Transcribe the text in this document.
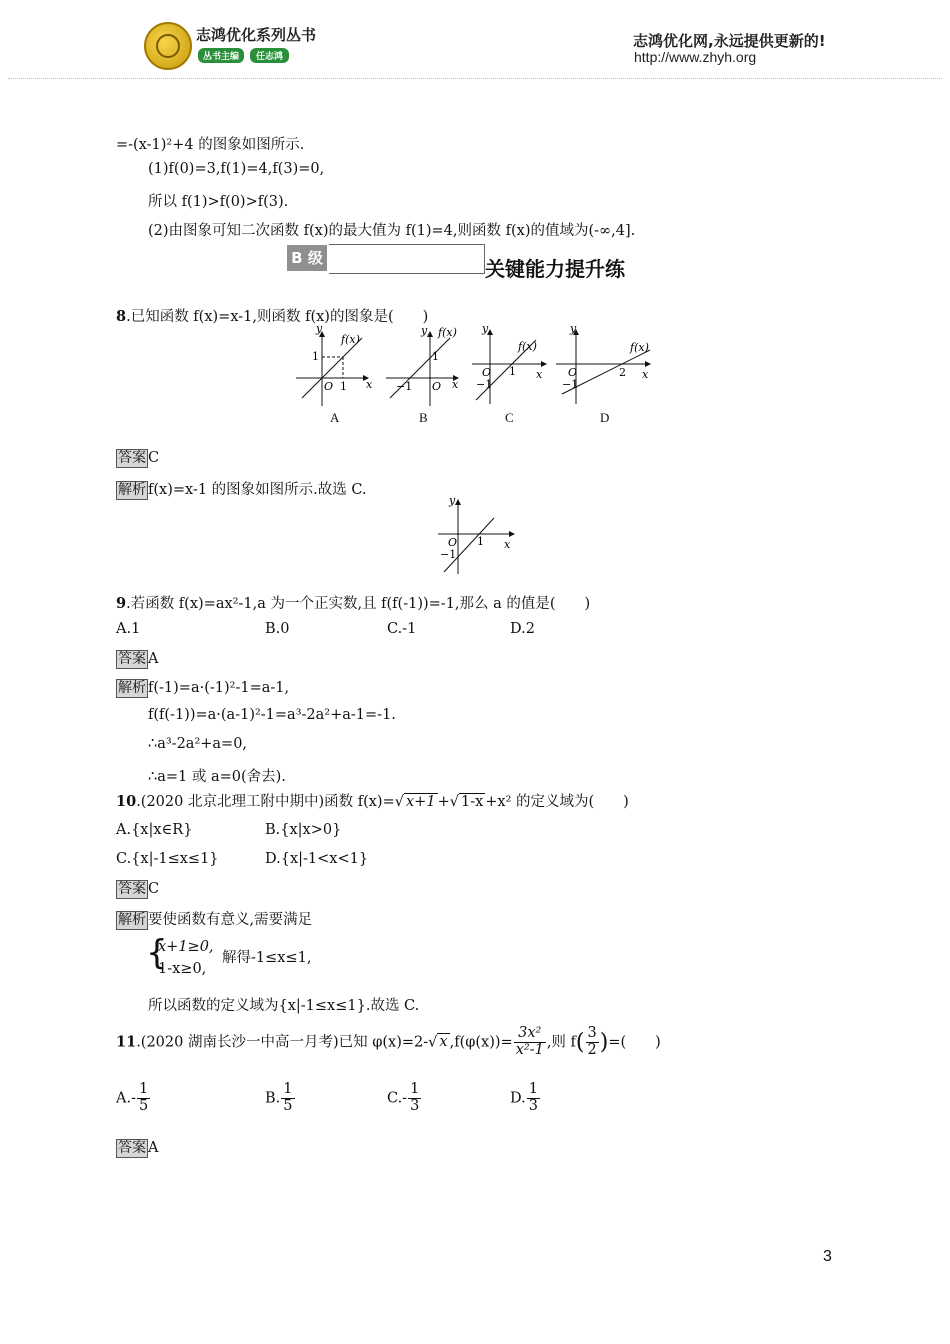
志鸿优化系列丛书
丛书主编	任志鸿
志鸿优化网,永远提供更新的!
http://www.zhyh.org
=-(x-1)²+4 的图象如图所示.
(1)f(0)=3,f(1)=4,f(3)=0,
所以 f(1)>f(0)>f(3).
(2)由图象可知二次函数 f(x)的最大值为 f(1)=4,则函数 f(x)的值域为(-∞,4].
B 级	关键能力提升练
8.已知函数 f(x)=x-1,则函数 f(x)的图象是(　　)
y
f(x)
1
O 1 x
y f(x)
1
−1 O x
y
f(x)
O
−1
1 x
y
f(x)
O
−1
2 x
A	B	C	D
答案 C
解析 f(x)=x-1 的图象如图所示.故选 C.
y
O
−1
1 x
9.若函数 f(x)=ax²-1,a 为一个正实数,且 f(f(-1))=-1,那么 a 的值是(　　)
A.1	B.0	C.-1	D.2
答案 A
解析 f(-1)=a·(-1)²-1=a-1,
f(f(-1))=a·(a-1)²-1=a³-2a²+a-1=-1.
∴a³-2a²+a=0,
∴a=1 或 a=0(舍去).
10.(2020 北京北理工附中期中)函数 f(x)=√ x+1 +√ 1-x +x² 的定义域为(　　)
A.{x|x∈R}	B.{x|x>0}
C.{x|-1≤x≤1}	D.{x|-1<x<1}
答案 C
解析 要使函数有意义,需要满足
{
x+1≥0,
解得-1≤x≤1,
1-x≥0,
所以函数的定义域为{x|-1≤x≤1}.故选 C.
11.(2020 湖南长沙一中高一月考)已知 φ(x)=2-√ x $,f(\varphi(x))= \frac{\text{3x²}}{\text{x²-1}}$ ,则 $f( \frac{3}{2}$ )=(　　)
$A.- \frac{1}{5}$	B. $\frac{1}{5}$	$C.- \frac{1}{3}$	D. $\frac{1}{3}$
答案 A
3
